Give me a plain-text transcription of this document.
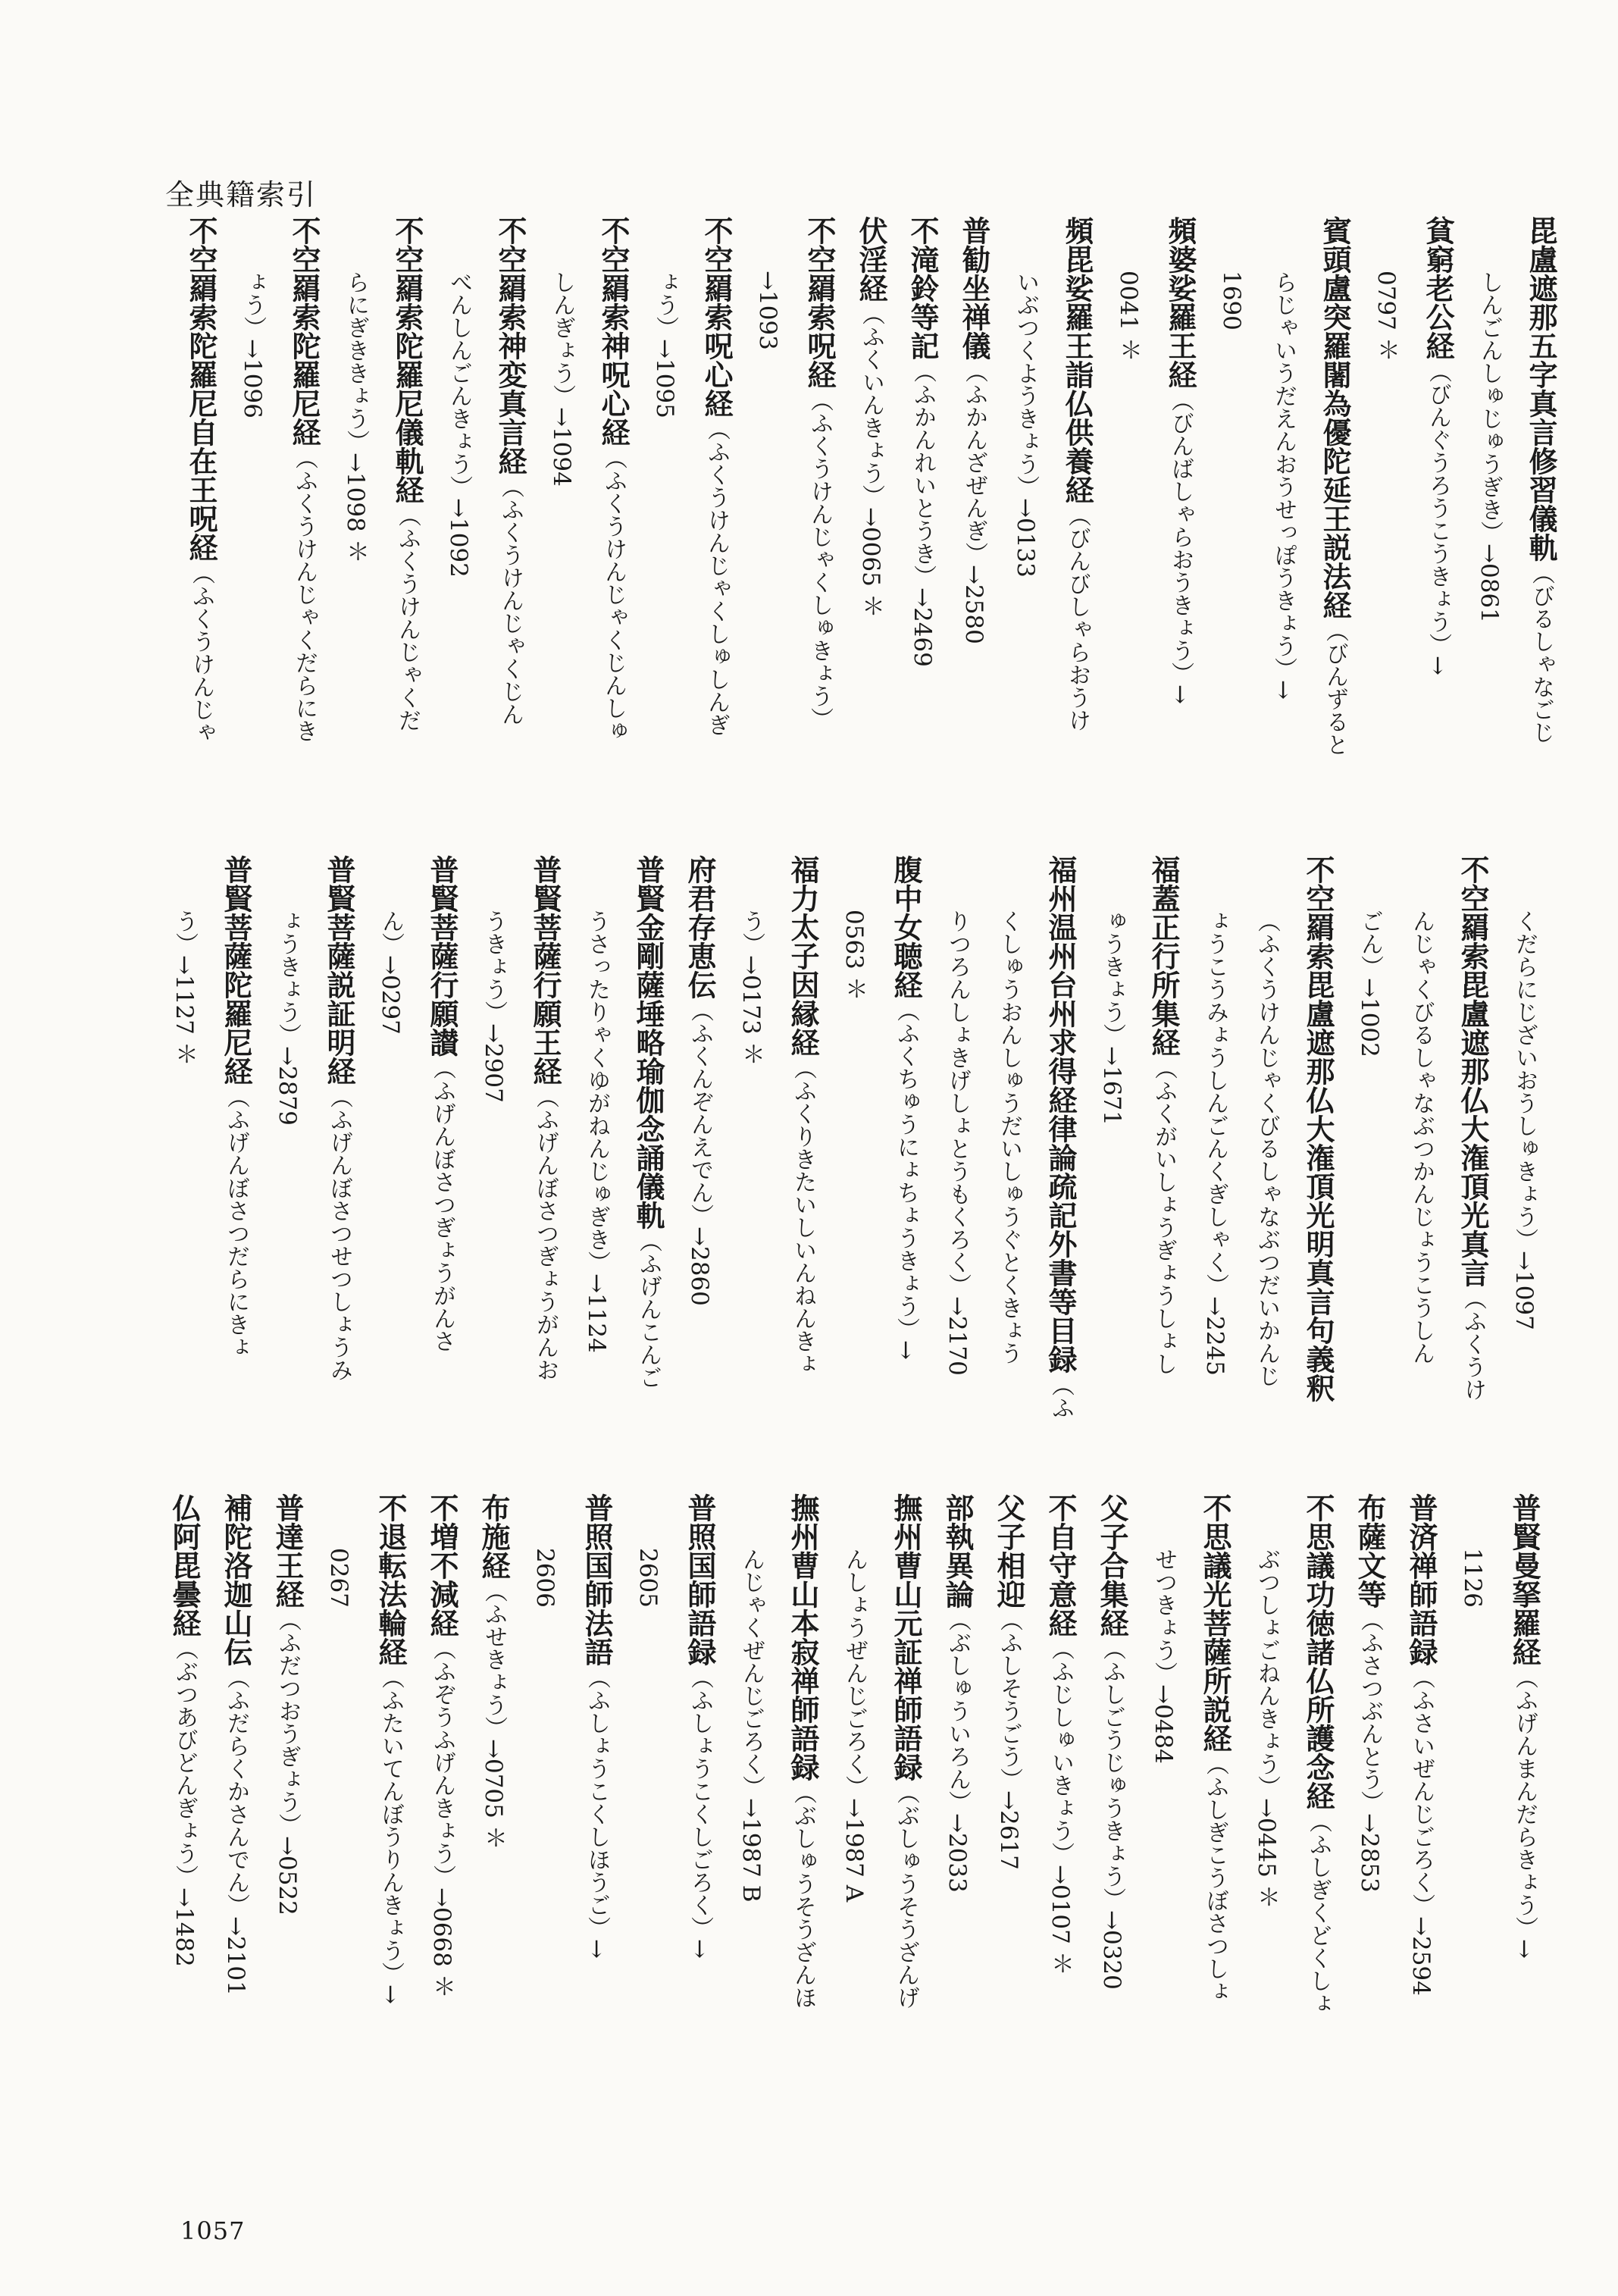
全典籍索引
毘盧遮那五字真言修習儀軌（びるしゃなごじ
しんごんしゅじゅうぎき）→0861
貧窮老公経（びんぐうろうこうきょう）→
0797 ＊
賓頭盧突羅闍為優陀延王説法経（びんずると
らじゃいうだえんおうせっぽうきょう）→
1690
頻婆娑羅王経（びんばしゃらおうきょう）→
0041 ＊
頻毘娑羅王詣仏供養経（びんびしゃらおうけ
いぶつくようきょう）→0133
普勧坐禅儀（ふかんざぜんぎ）→2580
不滝鈴等記（ふかんれいとうき）→2469
伏淫経（ふくいんきょう）→0065 ＊
不空羂索呪経（ふくうけんじゃくしゅきょう）
→1093
不空羂索呪心経（ふくうけんじゃくしゅしんぎ
ょう）→1095
不空羂索神呪心経（ふくうけんじゃくじんしゅ
しんぎょう）→1094
不空羂索神変真言経（ふくうけんじゃくじん
べんしんごんきょう）→1092
不空羂索陀羅尼儀軌経（ふくうけんじゃくだ
らにぎききょう）→1098 ＊
不空羂索陀羅尼経（ふくうけんじゃくだらにき
ょう）→1096
不空羂索陀羅尼自在王呪経（ふくうけんじゃ
くだらにじざいおうしゅきょう）→1097
不空羂索毘盧遮那仏大潅頂光真言（ふくうけ
んじゃくびるしゃなぶつかんじょうこうしん
ごん）→1002
不空羂索毘盧遮那仏大潅頂光明真言句義釈
（ふくうけんじゃくびるしゃなぶつだいかんじ
ょうこうみょうしんごんくぎしゃく）→2245
福蓋正行所集経（ふくがいしょうぎょうしょし
ゅうきょう）→1671
福州温州台州求得経律論疏記外書等目録（ふ
くしゅうおんしゅうだいしゅうぐとくきょう
りつろんしょきげしょとうもくろく）→2170
腹中女聴経（ふくちゅうにょちょうきょう）→
0563 ＊
福力太子因縁経（ふくりきたいしいんねんきょ
う）→0173 ＊
府君存恵伝（ふくんぞんえでん）→2860
普賢金剛薩埵略瑜伽念誦儀軌（ふげんこんご
うさったりゃくゆがねんじゅぎき）→1124
普賢菩薩行願王経（ふげんぼさつぎょうがんお
うきょう）→2907
普賢菩薩行願讃（ふげんぼさつぎょうがんさ
ん）→0297
普賢菩薩説証明経（ふげんぼさつせつしょうみ
ょうきょう）→2879
普賢菩薩陀羅尼経（ふげんぼさつだらにきょ
う）→1127 ＊
普賢曼拏羅経（ふげんまんだらきょう）→
1126
普済禅師語録（ふさいぜんじごろく）→2594
布薩文等（ふさつぶんとう）→2853
不思議功徳諸仏所護念経（ふしぎくどくしょ
ぶつしょごねんきょう）→0445 ＊
不思議光菩薩所説経（ふしぎこうぼさつしょ
せつきょう）→0484
父子合集経（ふしごうじゅうきょう）→0320
不自守意経（ふじしゅいきょう）→0107 ＊
父子相迎（ふしそうごう）→2617
部執異論（ぶしゅういろん）→2033
撫州曹山元証禅師語録（ぶしゅうそうざんげ
んしょうぜんじごろく）→1987 A
撫州曹山本寂禅師語録（ぶしゅうそうざんほ
んじゃくぜんじごろく）→1987 B
普照国師語録（ふしょうこくしごろく）→
2605
普照国師法語（ふしょうこくしほうご）→
2606
布施経（ふせきょう）→0705 ＊
不増不減経（ふぞうふげんきょう）→0668 ＊
不退転法輪経（ふたいてんぼうりんきょう）→
0267
普達王経（ふだつおうぎょう）→0522
補陀洛迦山伝（ふだらくかさんでん）→2101
仏阿毘曇経（ぶつあびどんぎょう）→1482
1057
